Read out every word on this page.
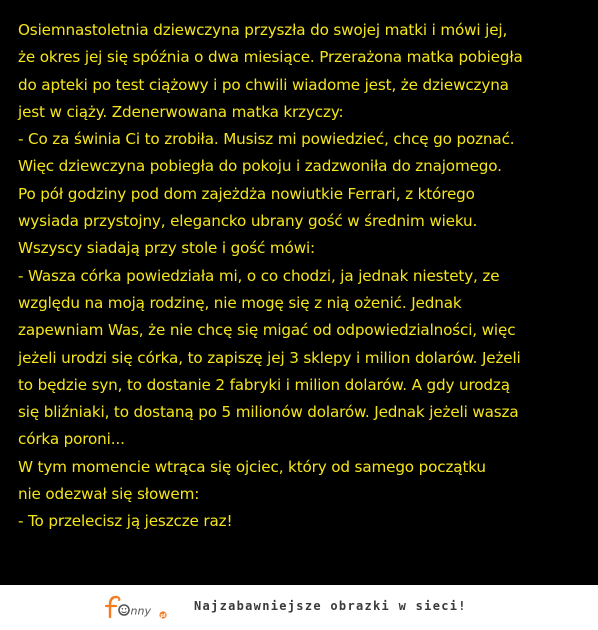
Osiemnastoletnia dziewczyna przyszła do swojej matki i mówi jej,
że okres jej się spóźnia o dwa miesiące. Przerażona matka pobiegła
do apteki po test ciążowy i po chwili wiadome jest, że dziewczyna
jest w ciąży. Zdenerwowana matka krzyczy:
- Co za świnia Ci to zrobiła. Musisz mi powiedzieć, chcę go poznać.
Więc dziewczyna pobiegła do pokoju i zadzwoniła do znajomego.
Po pół godziny pod dom zajeżdża nowiutkie Ferrari, z którego
wysiada przystojny, elegancko ubrany gość w średnim wieku.
Wszyscy siadają przy stole i gość mówi:
- Wasza córka powiedziała mi, o co chodzi, ja jednak niestety, ze
względu na moją rodzinę, nie mogę się z nią ożenić. Jednak
zapewniam Was, że nie chcę się migać od odpowiedzialności, więc
jeżeli urodzi się córka, to zapiszę jej 3 sklepy i milion dolarów. Jeżeli
to będzie syn, to dostanie 2 fabryki i milion dolarów. A gdy urodzą
się bliźniaki, to dostaną po 5 milionów dolarów. Jednak jeżeli wasza
córka poroni...
W tym momencie wtrąca się ojciec, który od samego początku
nie odezwał się słowem:
- To przelecisz ją jeszcze raz!
nny pl
Najzabawniejsze obrazki w sieci!
